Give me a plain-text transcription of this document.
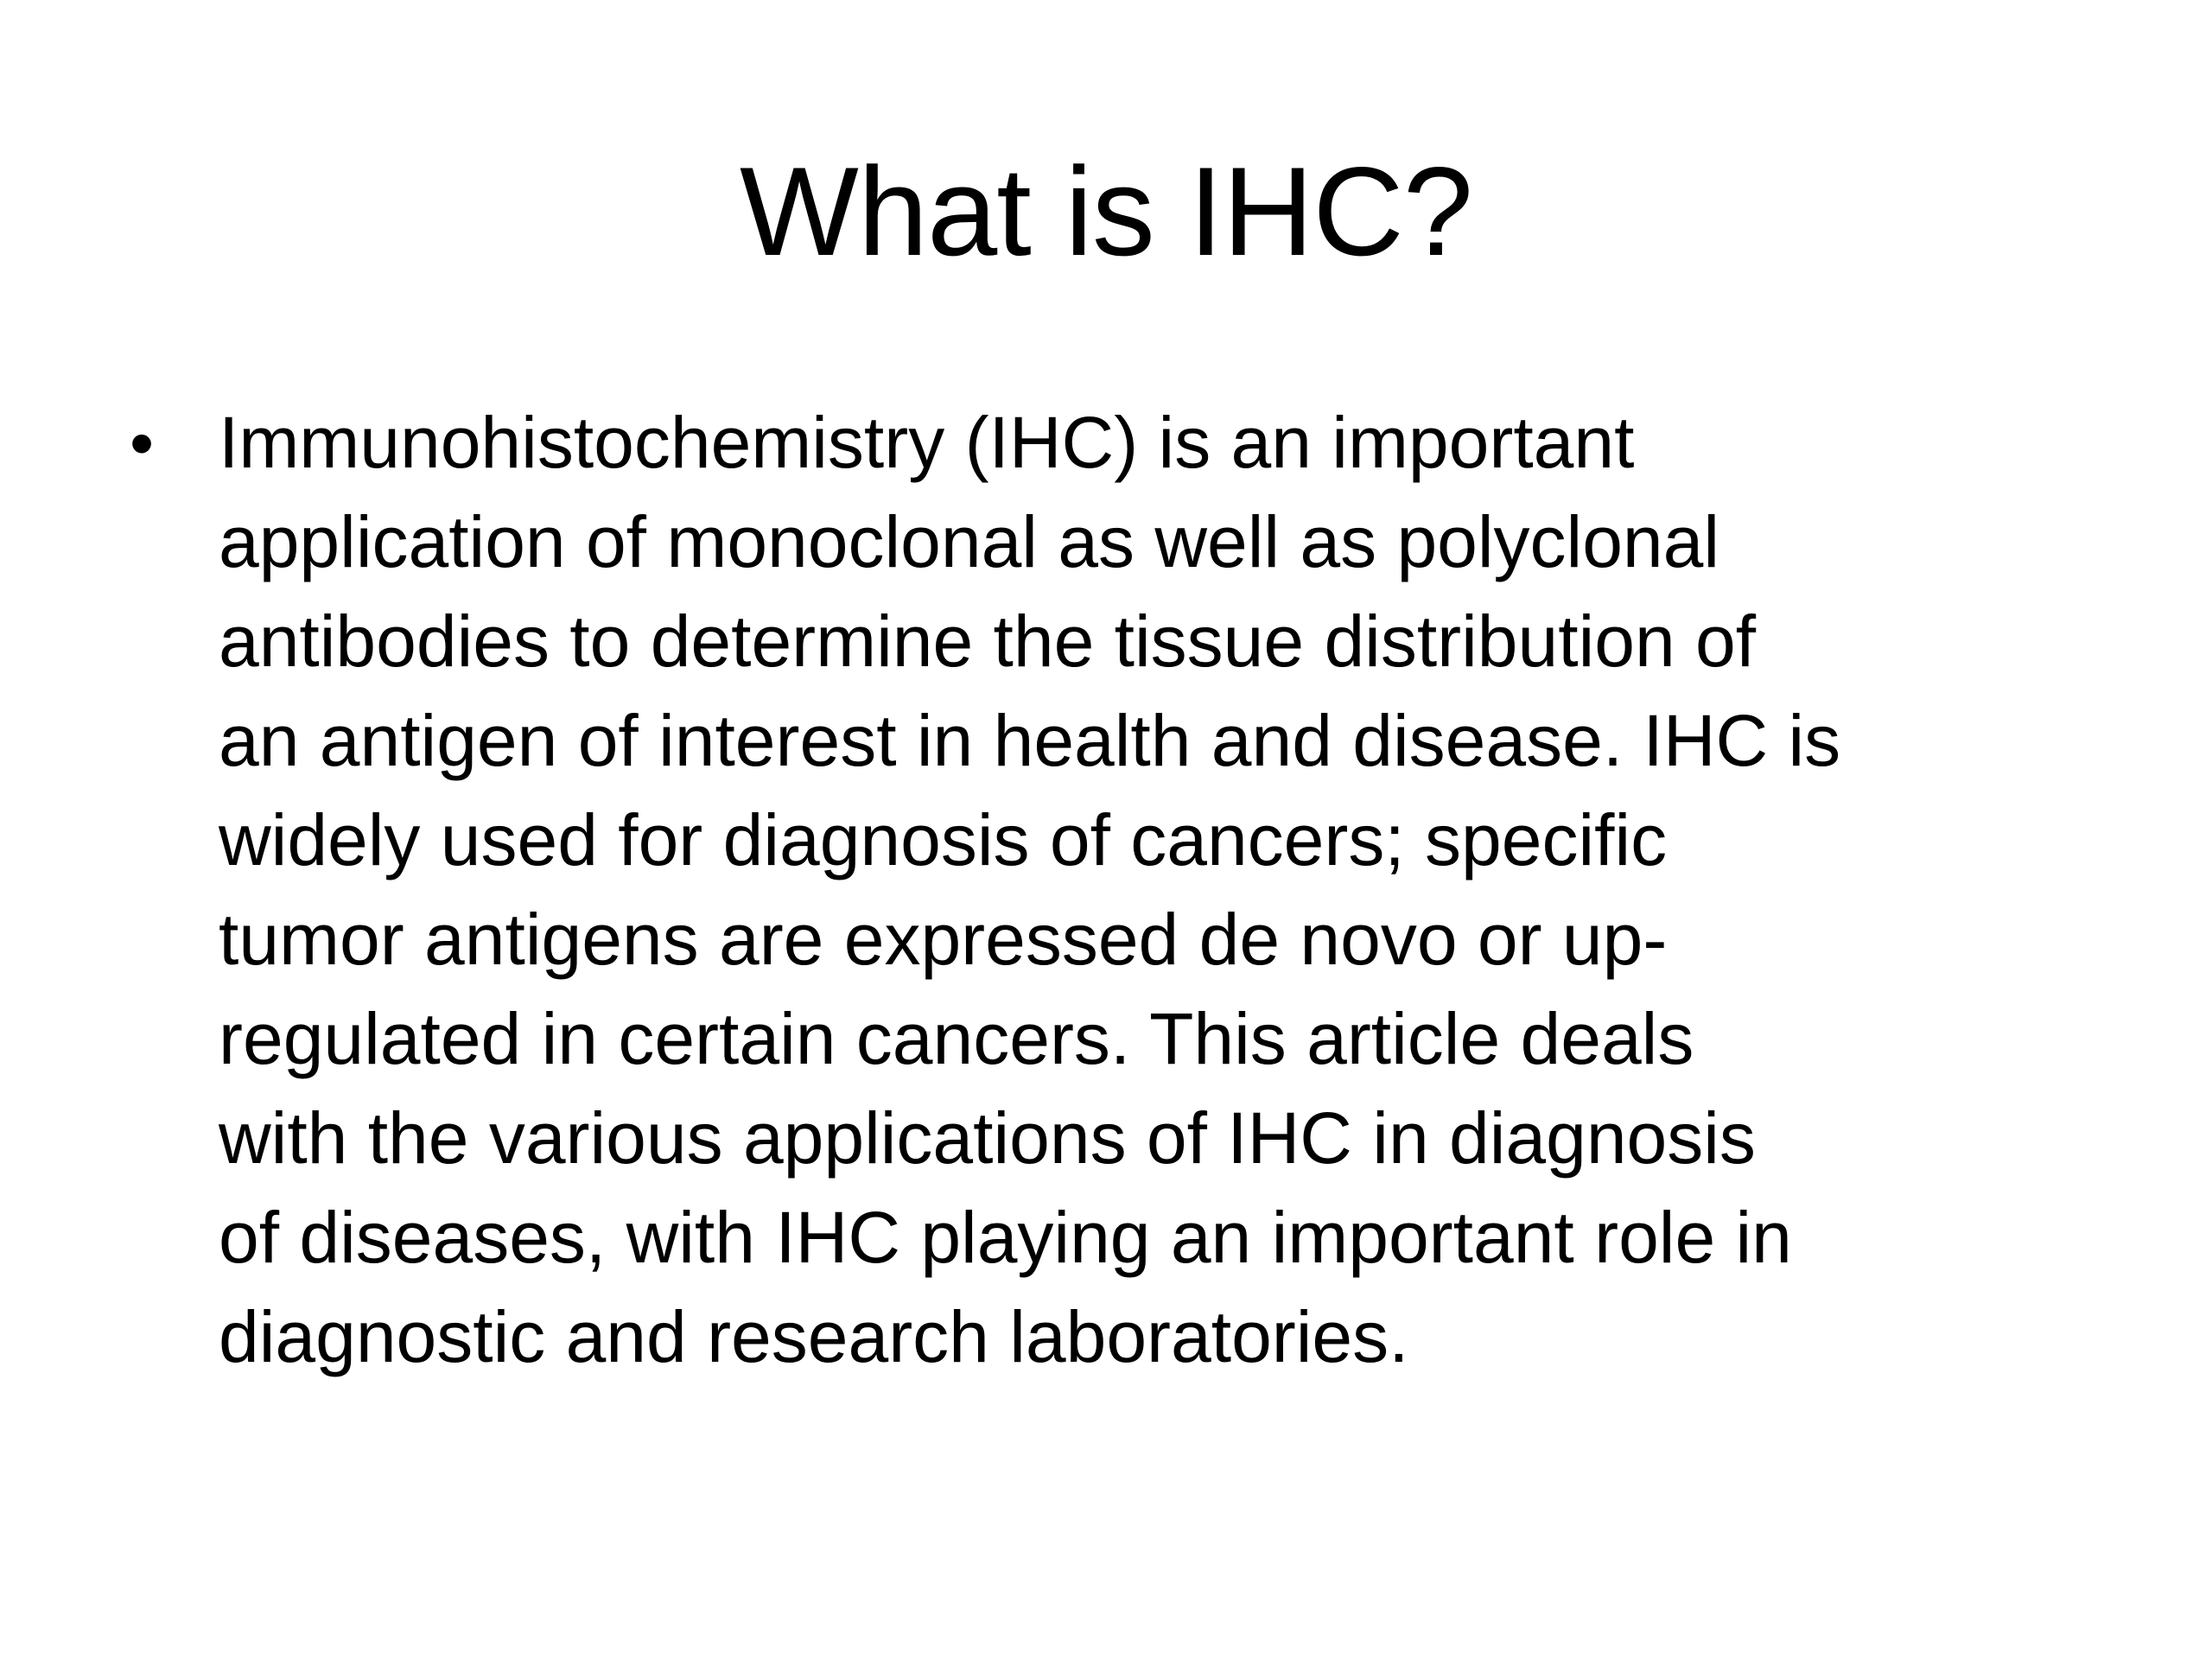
What is IHC?
• Immunohistochemistry (IHC) is an important
application of monoclonal as well as polyclonal
antibodies to determine the tissue distribution of
an antigen of interest in health and disease. IHC is
widely used for diagnosis of cancers; specific
tumor antigens are expressed de novo or up-
regulated in certain cancers. This article deals
with the various applications of IHC in diagnosis
of diseases, with IHC playing an important role in
diagnostic and research laboratories.
